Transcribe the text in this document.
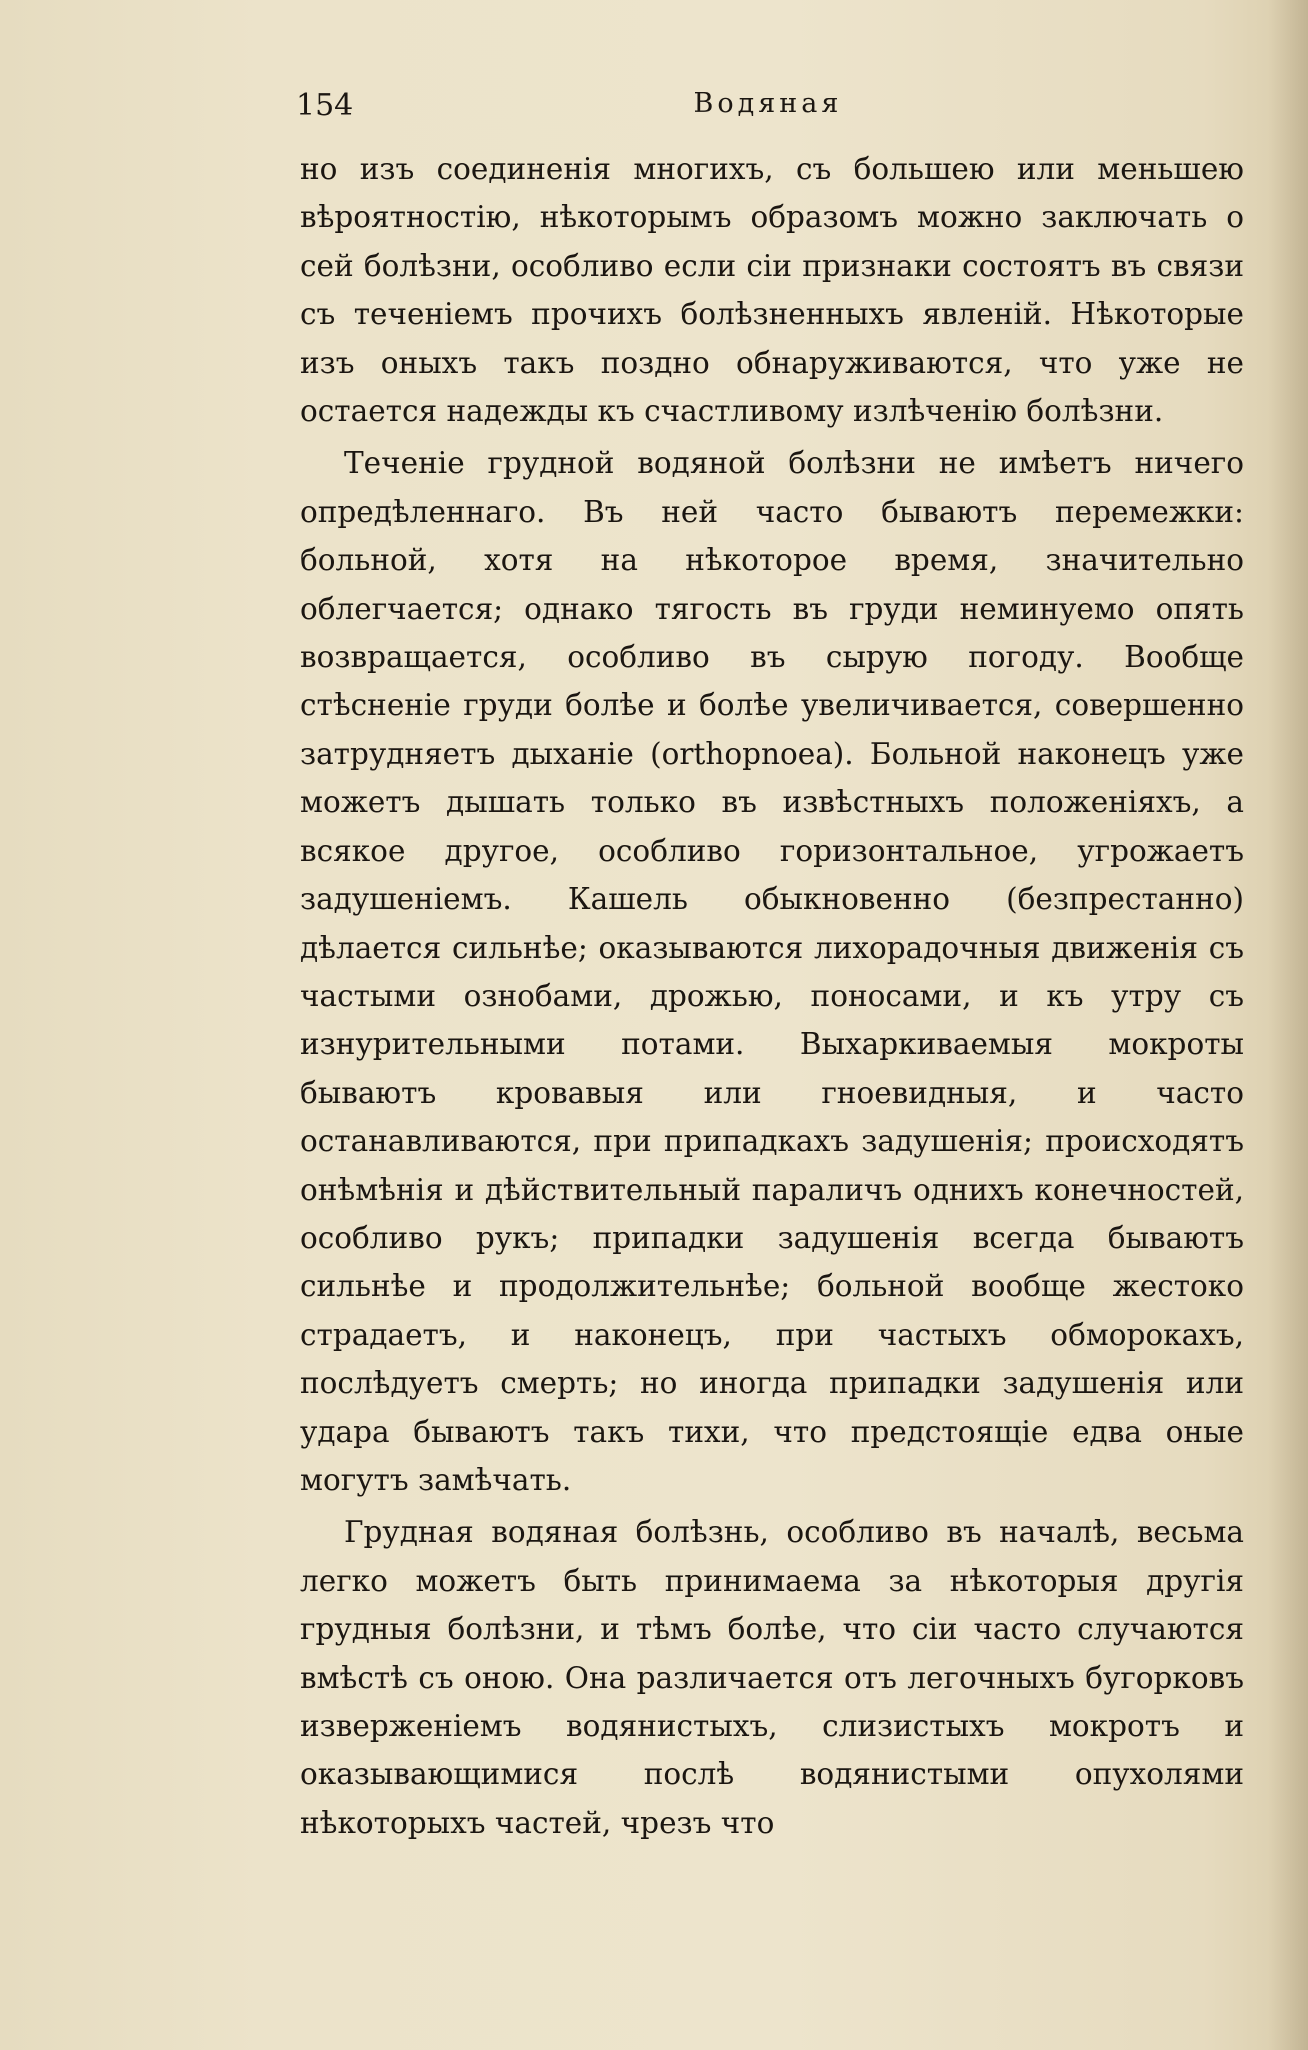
154	Водяная

но изъ соединенія многихъ, съ большею или меньшею вѣроятностію, нѣкоторымъ образомъ можно заключать о сей болѣзни, особливо если сіи признаки состоятъ въ связи съ теченіемъ прочихъ болѣзненныхъ явленій. Нѣкоторые изъ оныхъ такъ поздно обнаруживаются, что уже не остается надежды къ счастливому излѣченію болѣзни.

Теченіе грудной водяной болѣзни не имѣетъ ничего опредѣленнаго. Въ ней часто бываютъ перемежки: больной, хотя на нѣкоторое время, значительно облегчается; однако тягость въ груди неминуемо опять возвращается, особливо въ сырую погоду. Вообще стѣсненіе груди болѣе и болѣе увеличивается, совершенно затрудняетъ дыханіе (orthopnoea). Больной наконецъ уже можетъ дышать только въ извѣстныхъ положеніяхъ, а всякое другое, особливо горизонтальное, угрожаетъ задушеніемъ. Кашель обыкновенно (безпрестанно) дѣлается сильнѣе; оказываются лихорадочныя движенія съ частыми ознобами, дрожью, поносами, и къ утру съ изнурительными потами. Выхаркиваемыя мокроты бываютъ кровавыя или гноевидныя, и часто останавливаются, при припадкахъ задушенія; происходятъ онѣмѣнія и дѣйствительный параличъ однихъ конечностей, особливо рукъ; припадки задушенія всегда бываютъ сильнѣе и продолжительнѣе; больной вообще жестоко страдаетъ, и наконецъ, при частыхъ обморокахъ, послѣдуетъ смерть; но иногда припадки задушенія или удара бываютъ такъ тихи, что предстоящіе едва оные могутъ замѣчать.

Грудная водяная болѣзнь, особливо въ началѣ, весьма легко можетъ быть принимаема за нѣкоторыя другія грудныя болѣзни, и тѣмъ болѣе, что сіи часто случаются вмѣстѣ съ оною. Она различается отъ легочныхъ бугорковъ изверженіемъ водянистыхъ, слизистыхъ мокротъ и оказывающимися послѣ водянистыми опухолями нѣкоторыхъ частей, чрезъ что
